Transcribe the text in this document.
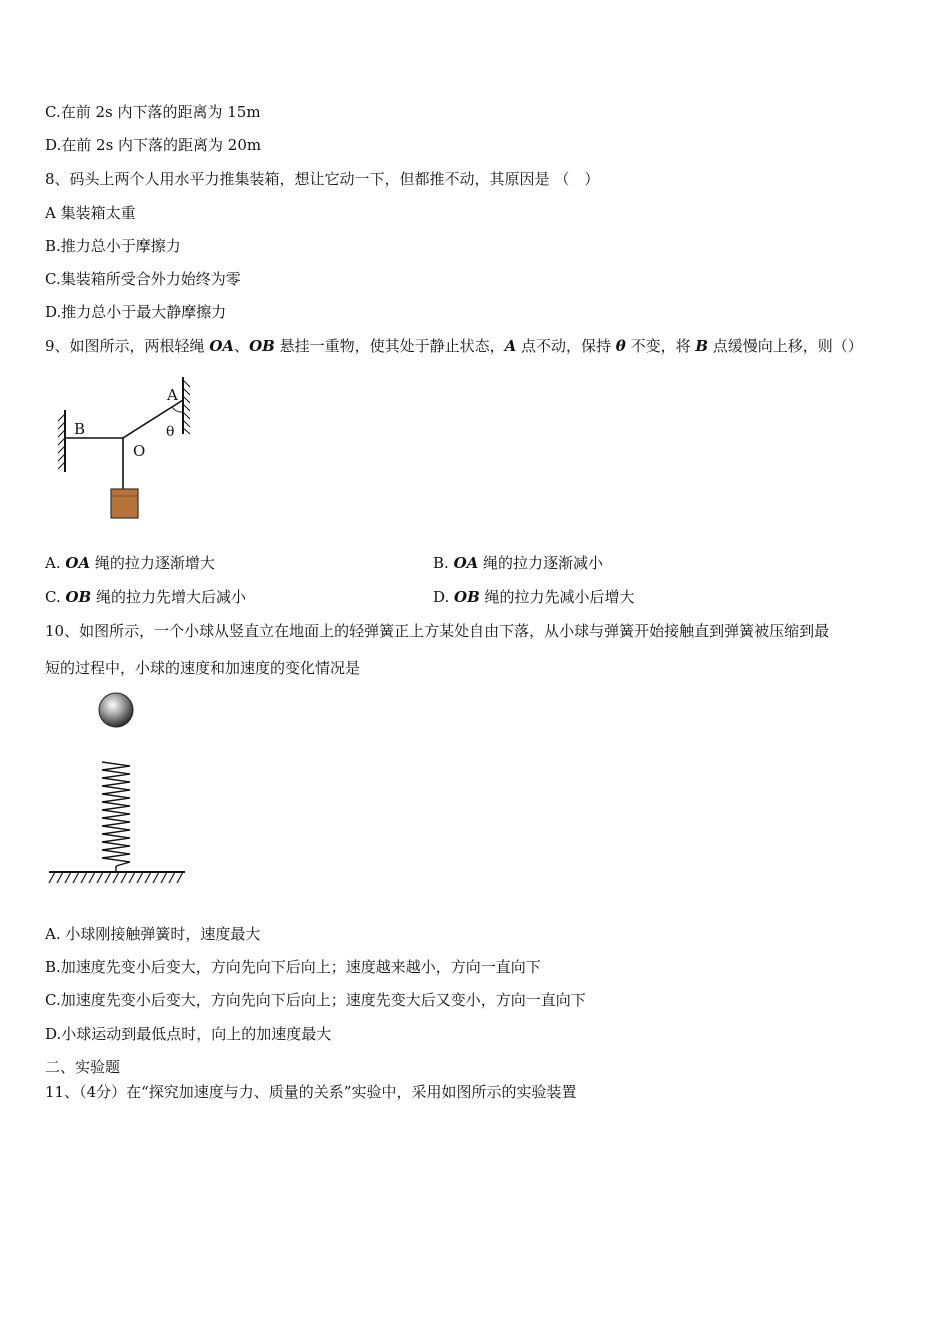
C.在前 2s 内下落的距离为 15m
D.在前 2s 内下落的距离为 20m
8、码头上两个人用水平力推集装箱，想让它动一下，但都推不动，其原因是 （　）
A 集装箱太重
B.推力总小于摩擦力
C.集装箱所受合外力始终为零
D.推力总小于最大静摩擦力
9、如图所示，两根轻绳 OA、OB 悬挂一重物，使其处于静止状态，A 点不动，保持 θ 不变，将 B 点缓慢向上移，则（）
B
A
O
θ
A. OA 绳的拉力逐渐增大	B. OA 绳的拉力逐渐减小
C. OB 绳的拉力先增大后减小	D. OB 绳的拉力先减小后增大
10、如图所示，一个小球从竖直立在地面上的轻弹簧正上方某处自由下落，从小球与弹簧开始接触直到弹簧被压缩到最
短的过程中，小球的速度和加速度的变化情况是
A. 小球刚接触弹簧时，速度最大
B.加速度先变小后变大，方向先向下后向上；速度越来越小，方向一直向下
C.加速度先变小后变大，方向先向下后向上；速度先变大后又变小，方向一直向下
D.小球运动到最低点时，向上的加速度最大
二、实验题
11、（4分）在“探究加速度与力、质量的关系”实验中，采用如图所示的实验装置
